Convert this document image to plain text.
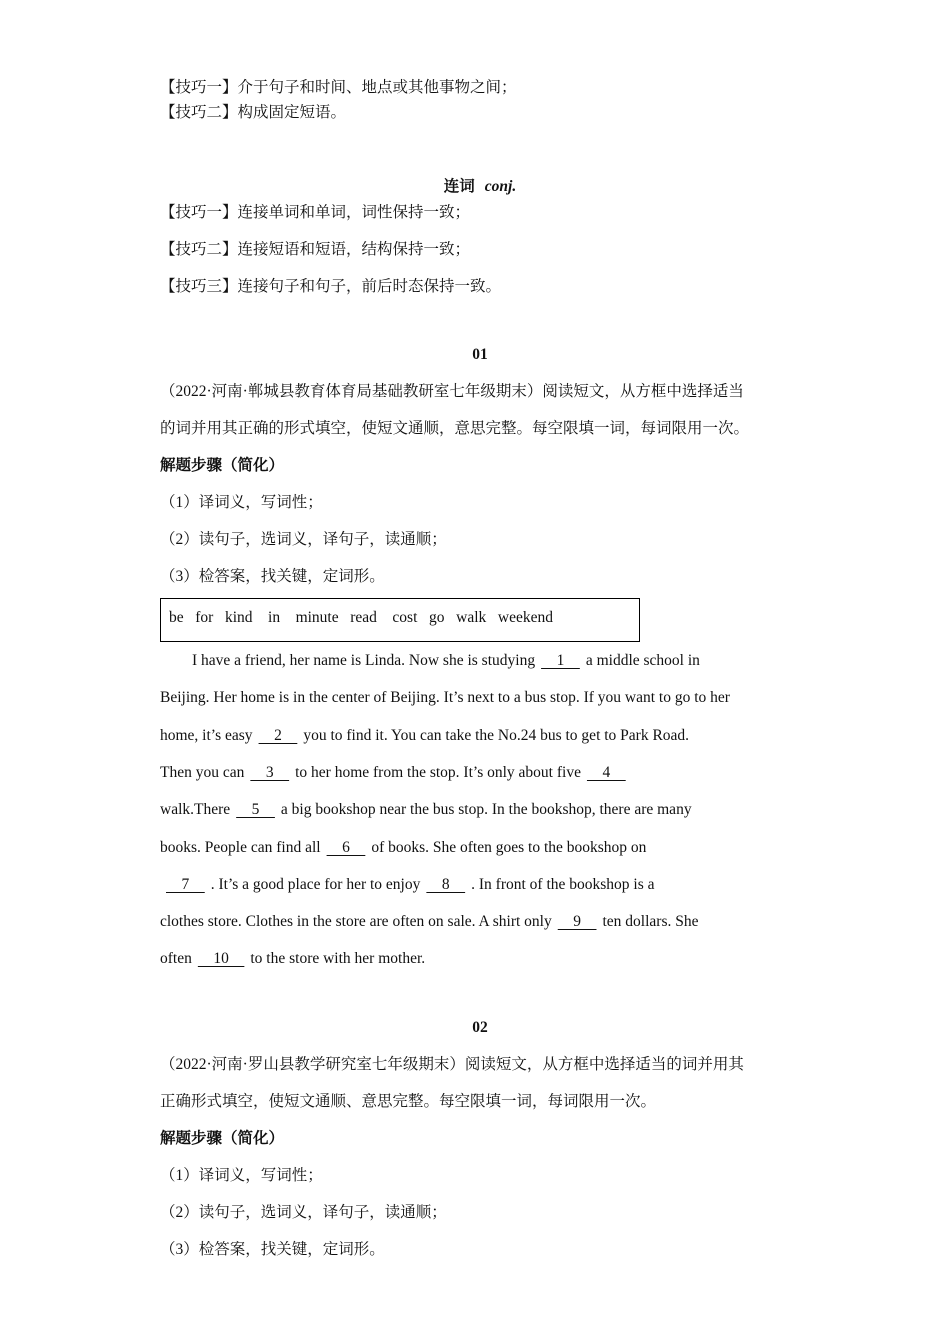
【技巧一】介于句子和时间、地点或其他事物之间；
【技巧二】构成固定短语。
连词 conj.
【技巧一】连接单词和单词，词性保持一致；
【技巧二】连接短语和短语，结构保持一致；
【技巧三】连接句子和句子，前后时态保持一致。
01
（2022·河南·郸城县教育体育局基础教研室七年级期末）阅读短文，从方框中选择适当
的词并用其正确的形式填空，使短文通顺，意思完整。每空限填一词，每词限用一次。
解题步骤（简化）
（1）译词义，写词性；
（2）读句子，选词义，译句子，读通顺；
（3）检答案，找关键，定词形。
be   for   kind    in    minute   read    cost   go   walk   weekend
I have a friend, her name is Linda. Now she is studying    1    a middle school in
Beijing. Her home is in the center of Beijing. It’s next to a bus stop. If you want to go to her
home, it’s easy    2    you to find it. You can take the No.24 bus to get to Park Road.
Then you can    3    to her home from the stop. It’s only about five    4
walk.There    5    a big bookshop near the bus stop. In the bookshop, there are many
books. People can find all    6    of books. She often goes to the bookshop on
7    . It’s a good place for her to enjoy    8    . In front of the bookshop is a
clothes store. Clothes in the store are often on sale. A shirt only    9    ten dollars. She
often    10    to the store with her mother.
02
（2022·河南·罗山县教学研究室七年级期末）阅读短文，从方框中选择适当的词并用其
正确形式填空，使短文通顺、意思完整。每空限填一词，每词限用一次。
解题步骤（简化）
（1）译词义，写词性；
（2）读句子，选词义，译句子，读通顺；
（3）检答案，找关键，定词形。
